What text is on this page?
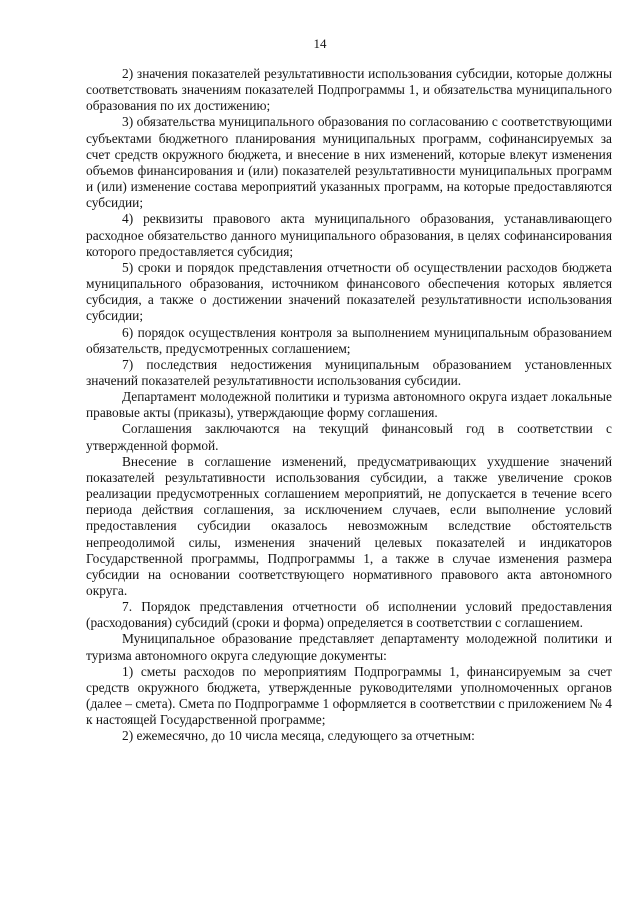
14

2) значения показателей результативности использования субсидии, которые должны соответствовать значениям показателей Подпрограммы 1, и обязательства муниципального образования по их достижению;

3) обязательства муниципального образования по согласованию с соответствующими субъектами бюджетного планирования муниципальных программ, софинансируемых за счет средств окружного бюджета, и внесение в них изменений, которые влекут изменения объемов финансирования и (или) показателей результативности муниципальных программ и (или) изменение состава мероприятий указанных программ, на которые предоставляются субсидии;

4) реквизиты правового акта муниципального образования, устанавливающего расходное обязательство данного муниципального образования, в целях софинансирования которого предоставляется субсидия;

5) сроки и порядок представления отчетности об осуществлении расходов бюджета муниципального образования, источником финансового обеспечения которых является субсидия, а также о достижении значений показателей результативности использования субсидии;

6) порядок осуществления контроля за выполнением муниципальным образованием обязательств, предусмотренных соглашением;

7) последствия недостижения муниципальным образованием установленных значений показателей результативности использования субсидии.

Департамент молодежной политики и туризма автономного округа издает локальные правовые акты (приказы), утверждающие форму соглашения.

Соглашения заключаются на текущий финансовый год в соответствии с утвержденной формой.

Внесение в соглашение изменений, предусматривающих ухудшение значений показателей результативности использования субсидии, а также увеличение сроков реализации предусмотренных соглашением мероприятий, не допускается в течение всего периода действия соглашения, за исключением случаев, если выполнение условий предоставления субсидии оказалось невозможным вследствие обстоятельств непреодолимой силы, изменения значений целевых показателей и индикаторов Государственной программы, Подпрограммы 1, а также в случае изменения размера субсидии на основании соответствующего нормативного правового акта автономного округа.

7. Порядок представления отчетности об исполнении условий предоставления (расходования) субсидий (сроки и форма) определяется в соответствии с соглашением.

Муниципальное образование представляет департаменту молодежной политики и туризма автономного округа следующие документы:

1) сметы расходов по мероприятиям Подпрограммы 1, финансируемым за счет средств окружного бюджета, утвержденные руководителями уполномоченных органов (далее – смета). Смета по Подпрограмме 1 оформляется в соответствии с приложением № 4 к настоящей Государственной программе;

2) ежемесячно, до 10 числа месяца, следующего за отчетным:
